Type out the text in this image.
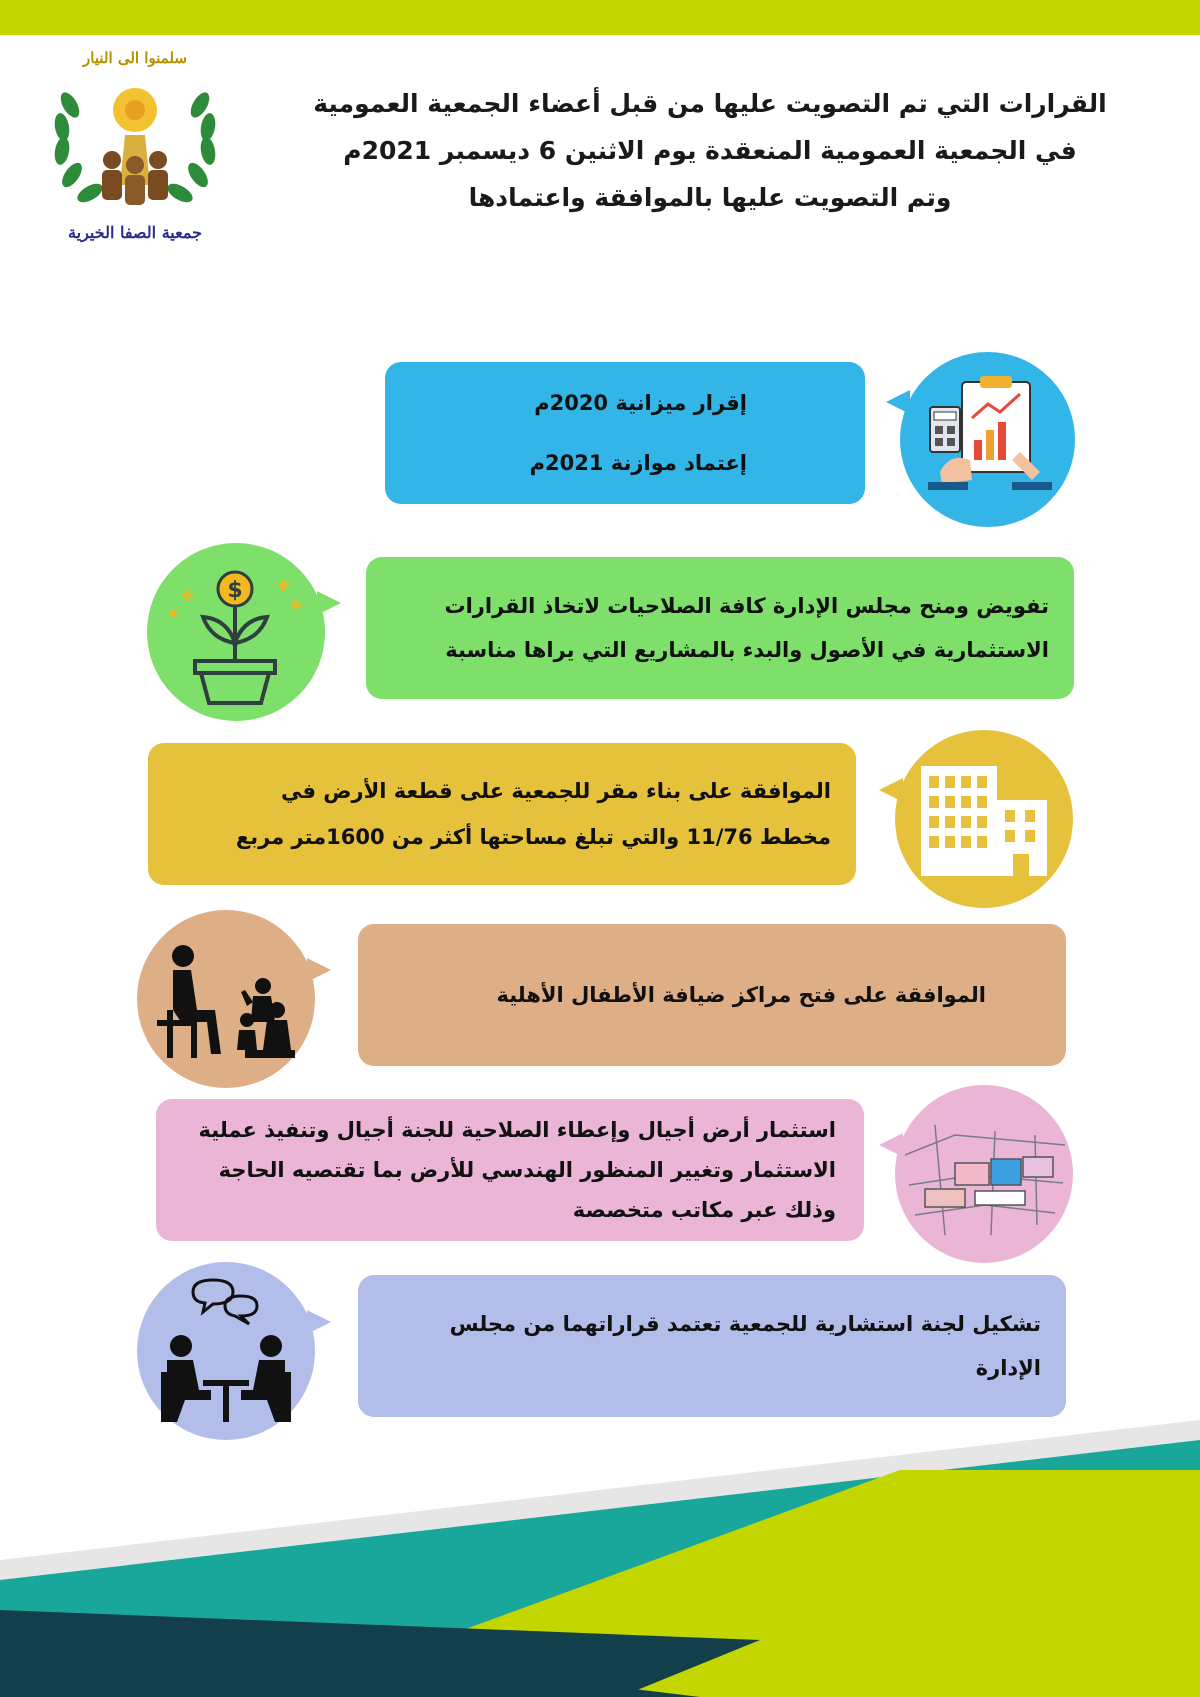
سلمنوا الى النيار
جمعية الصفا الخيرية
القرارات التي تم التصويت عليها من قبل أعضاء الجمعية العمومية
في الجمعية العمومية المنعقدة يوم الاثنين 6 ديسمبر 2021م
وتم التصويت عليها بالموافقة واعتمادها

إقرار ميزانية 2020م

إعتماد موازنة 2021م

تفويض ومنح مجلس الإدارة كافة الصلاحيات لاتخاذ القرارات

الاستثمارية في الأصول والبدء بالمشاريع التي يراها مناسبة

$

الموافقة على بناء مقر للجمعية على قطعة الأرض في

مخطط 11/76 والتي تبلغ مساحتها أكثر من 1600متر مربع

الموافقة على فتح مراكز ضيافة الأطفال الأهلية

استثمار أرض أجيال وإعطاء الصلاحية للجنة أجيال وتنفيذ عملية

الاستثمار وتغيير المنظور الهندسي للأرض بما تقتصيه الحاجة

وذلك عبر مكاتب متخصصة

تشكيل لجنة استشارية للجمعية تعتمد قراراتهما من مجلس

الإدارة
